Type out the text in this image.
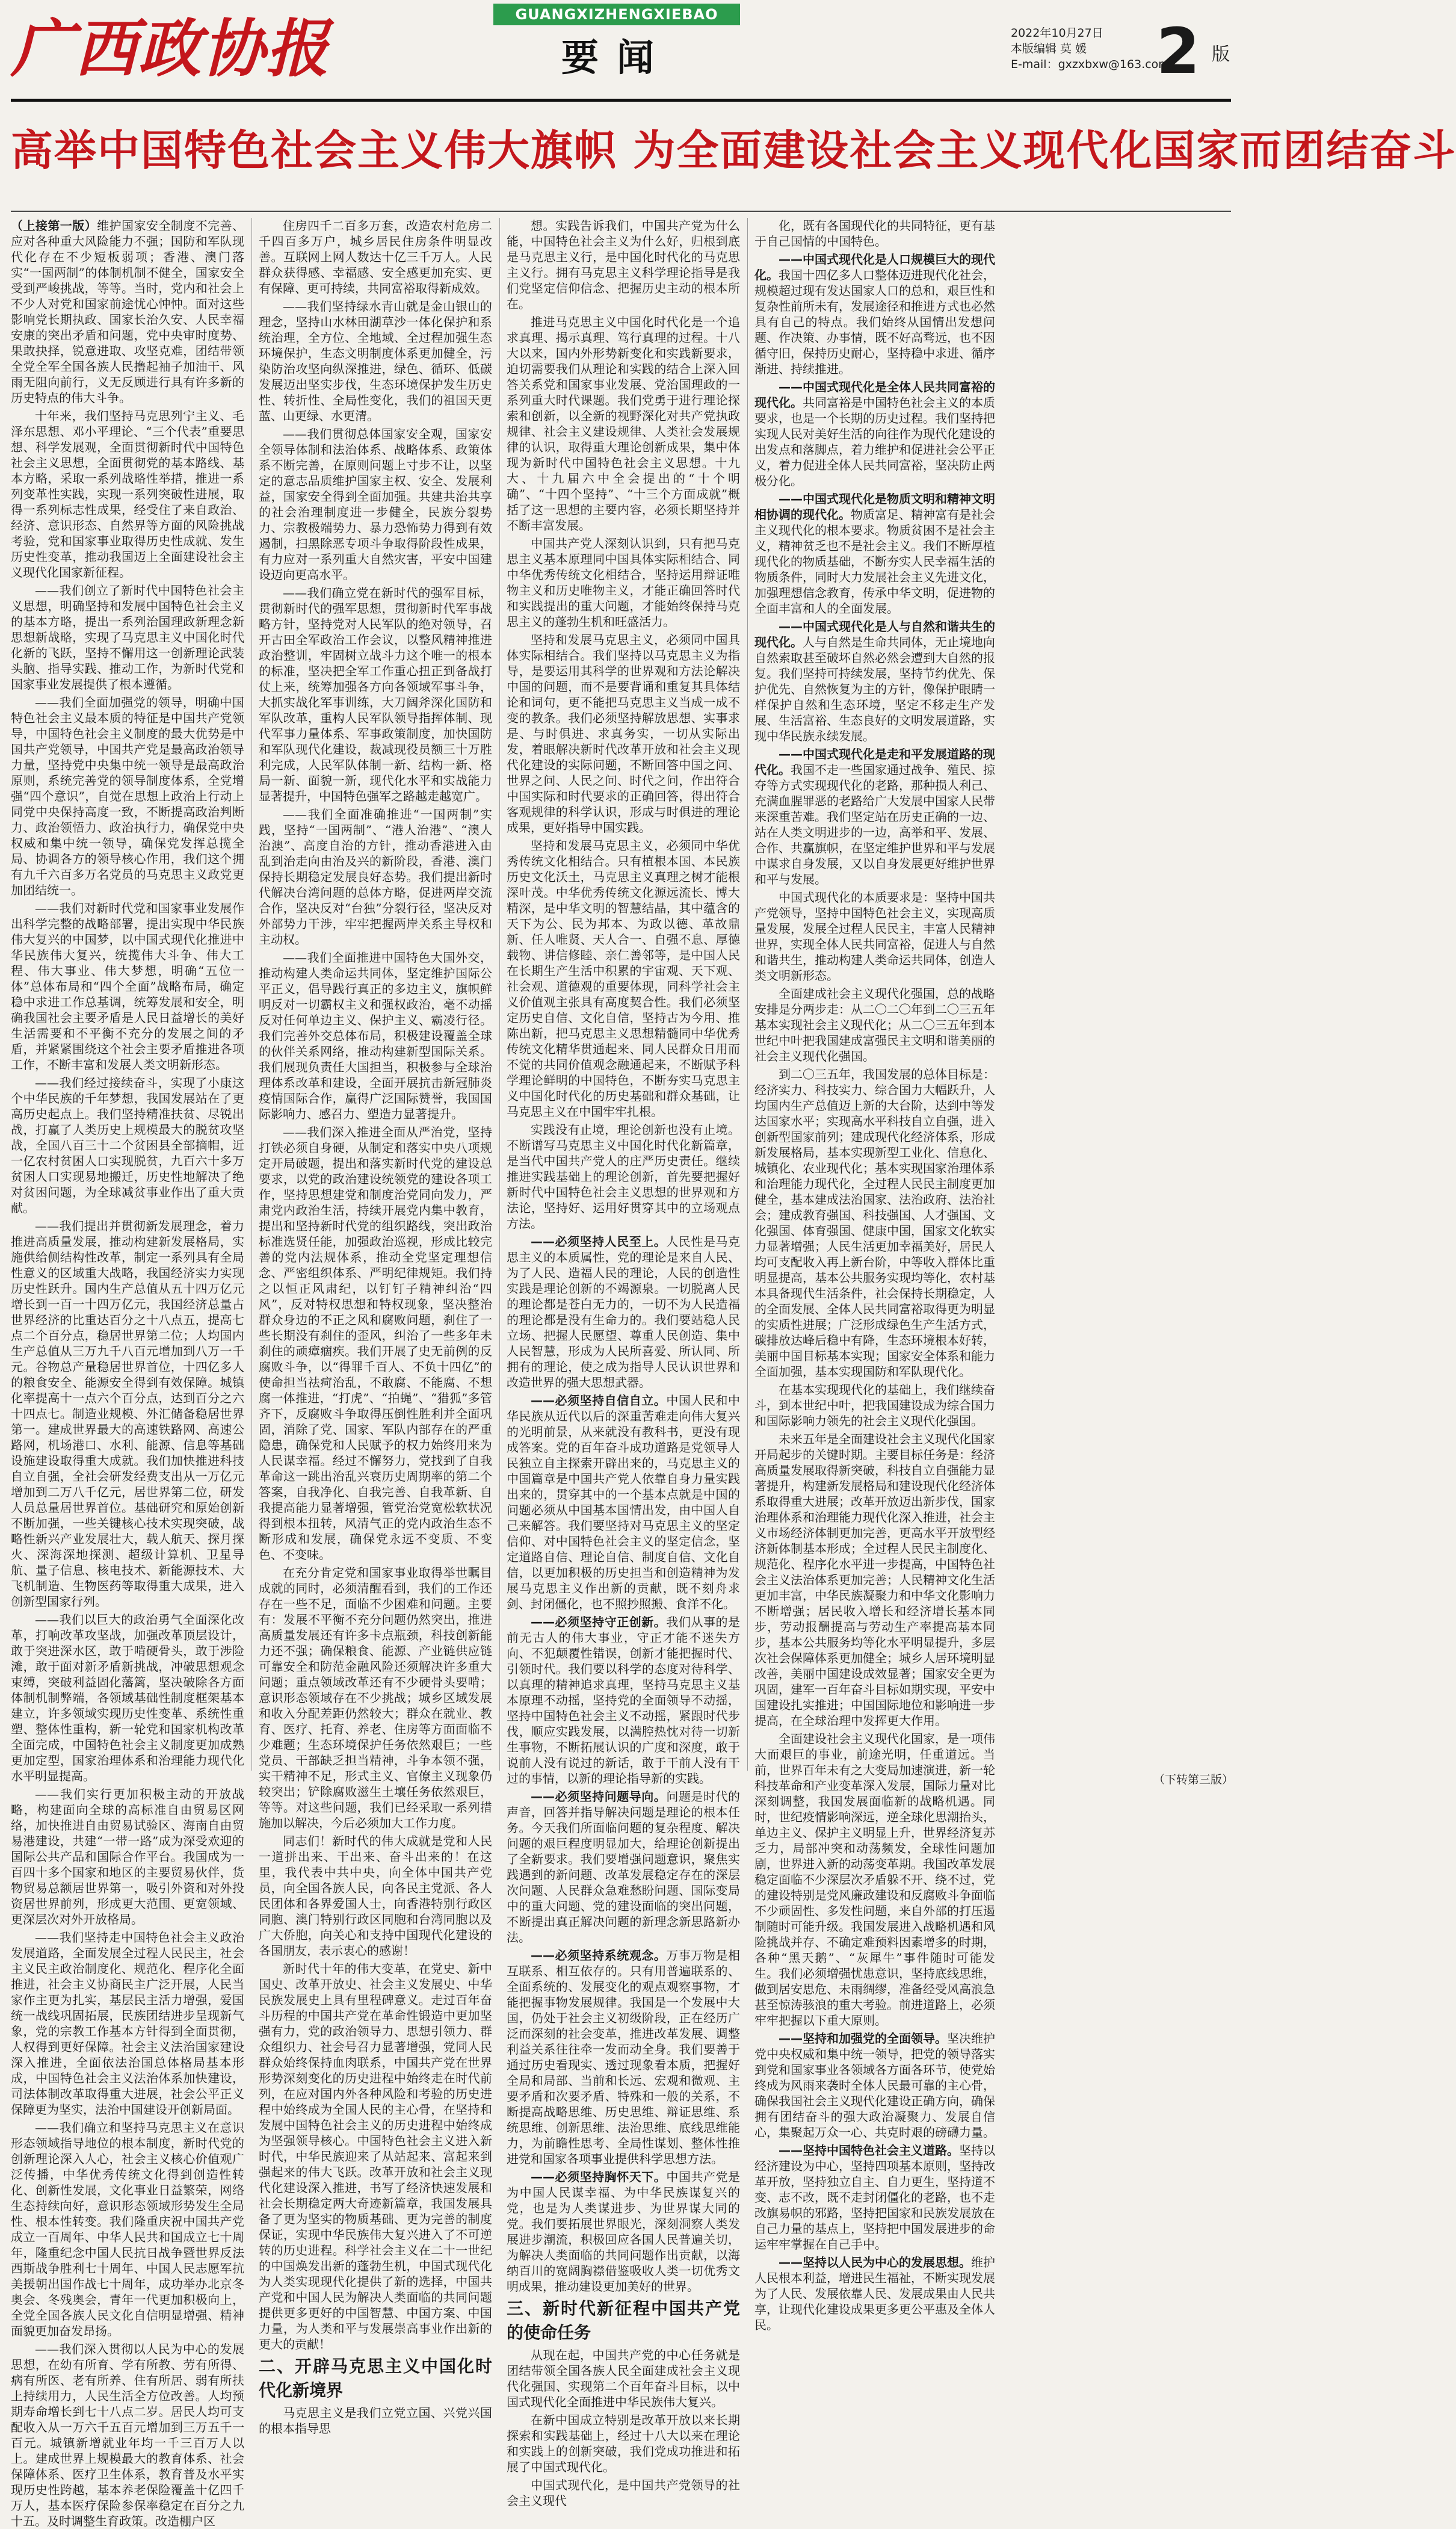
广西政协报	GUANGXIZHENGXIEBAO
要闻
2022年10月27日
本版编辑 莫 媛
E-mail：gxzxbxw@163.com
2 版
高举中国特色社会主义伟大旗帜 为全面建设社会主义现代化国家而团结奋斗

（上接第一版）维护国家安全制度不完善、应对各种重大风险能力不强；国防和军队现代化存在不少短板弱项；香港、澳门落实“一国两制”的体制机制不健全，国家安全受到严峻挑战，等等。当时，党内和社会上不少人对党和国家前途忧心忡忡。面对这些影响党长期执政、国家长治久安、人民幸福安康的突出矛盾和问题，党中央审时度势、果敢抉择，锐意进取、攻坚克难，团结带领全党全军全国各族人民撸起袖子加油干、风雨无阻向前行，义无反顾进行具有许多新的历史特点的伟大斗争。

十年来，我们坚持马克思列宁主义、毛泽东思想、邓小平理论、“三个代表”重要思想、科学发展观，全面贯彻新时代中国特色社会主义思想，全面贯彻党的基本路线、基本方略，采取一系列战略性举措，推进一系列变革性实践，实现一系列突破性进展，取得一系列标志性成果，经受住了来自政治、经济、意识形态、自然界等方面的风险挑战考验，党和国家事业取得历史性成就、发生历史性变革，推动我国迈上全面建设社会主义现代化国家新征程。

——我们创立了新时代中国特色社会主义思想，明确坚持和发展中国特色社会主义的基本方略，提出一系列治国理政新理念新思想新战略，实现了马克思主义中国化时代化新的飞跃，坚持不懈用这一创新理论武装头脑、指导实践、推动工作，为新时代党和国家事业发展提供了根本遵循。

——我们全面加强党的领导，明确中国特色社会主义最本质的特征是中国共产党领导，中国特色社会主义制度的最大优势是中国共产党领导，中国共产党是最高政治领导力量，坚持党中央集中统一领导是最高政治原则，系统完善党的领导制度体系，全党增强“四个意识”，自觉在思想上政治上行动上同党中央保持高度一致，不断提高政治判断力、政治领悟力、政治执行力，确保党中央权威和集中统一领导，确保党发挥总揽全局、协调各方的领导核心作用，我们这个拥有九千六百多万名党员的马克思主义政党更加团结统一。

——我们对新时代党和国家事业发展作出科学完整的战略部署，提出实现中华民族伟大复兴的中国梦，以中国式现代化推进中华民族伟大复兴，统揽伟大斗争、伟大工程、伟大事业、伟大梦想，明确“五位一体”总体布局和“四个全面”战略布局，确定稳中求进工作总基调，统筹发展和安全，明确我国社会主要矛盾是人民日益增长的美好生活需要和不平衡不充分的发展之间的矛盾，并紧紧围绕这个社会主要矛盾推进各项工作，不断丰富和发展人类文明新形态。

——我们经过接续奋斗，实现了小康这个中华民族的千年梦想，我国发展站在了更高历史起点上。我们坚持精准扶贫、尽锐出战，打赢了人类历史上规模最大的脱贫攻坚战，全国八百三十二个贫困县全部摘帽，近一亿农村贫困人口实现脱贫，九百六十多万贫困人口实现易地搬迁，历史性地解决了绝对贫困问题，为全球减贫事业作出了重大贡献。

——我们提出并贯彻新发展理念，着力推进高质量发展，推动构建新发展格局，实施供给侧结构性改革，制定一系列具有全局性意义的区域重大战略，我国经济实力实现历史性跃升。国内生产总值从五十四万亿元增长到一百一十四万亿元，我国经济总量占世界经济的比重达百分之十八点五，提高七点二个百分点，稳居世界第二位；人均国内生产总值从三万九千八百元增加到八万一千元。谷物总产量稳居世界首位，十四亿多人的粮食安全、能源安全得到有效保障。城镇化率提高十一点六个百分点，达到百分之六十四点七。制造业规模、外汇储备稳居世界第一。建成世界最大的高速铁路网、高速公路网，机场港口、水利、能源、信息等基础设施建设取得重大成就。我们加快推进科技自立自强，全社会研发经费支出从一万亿元增加到二万八千亿元，居世界第二位，研发人员总量居世界首位。基础研究和原始创新不断加强，一些关键核心技术实现突破，战略性新兴产业发展壮大，载人航天、探月探火、深海深地探测、超级计算机、卫星导航、量子信息、核电技术、新能源技术、大飞机制造、生物医药等取得重大成果，进入创新型国家行列。

——我们以巨大的政治勇气全面深化改革，打响改革攻坚战，加强改革顶层设计，敢于突进深水区，敢于啃硬骨头，敢于涉险滩，敢于面对新矛盾新挑战，冲破思想观念束缚，突破利益固化藩篱，坚决破除各方面体制机制弊端，各领域基础性制度框架基本建立，许多领域实现历史性变革、系统性重塑、整体性重构，新一轮党和国家机构改革全面完成，中国特色社会主义制度更加成熟更加定型，国家治理体系和治理能力现代化水平明显提高。

——我们实行更加积极主动的开放战略，构建面向全球的高标准自由贸易区网络，加快推进自由贸易试验区、海南自由贸易港建设，共建“一带一路”成为深受欢迎的国际公共产品和国际合作平台。我国成为一百四十多个国家和地区的主要贸易伙伴，货物贸易总额居世界第一，吸引外资和对外投资居世界前列，形成更大范围、更宽领域、更深层次对外开放格局。

——我们坚持走中国特色社会主义政治发展道路，全面发展全过程人民民主，社会主义民主政治制度化、规范化、程序化全面推进，社会主义协商民主广泛开展，人民当家作主更为扎实，基层民主活力增强，爱国统一战线巩固拓展，民族团结进步呈现新气象，党的宗教工作基本方针得到全面贯彻，人权得到更好保障。社会主义法治国家建设深入推进，全面依法治国总体格局基本形成，中国特色社会主义法治体系加快建设，司法体制改革取得重大进展，社会公平正义保障更为坚实，法治中国建设开创新局面。

——我们确立和坚持马克思主义在意识形态领域指导地位的根本制度，新时代党的创新理论深入人心，社会主义核心价值观广泛传播，中华优秀传统文化得到创造性转化、创新性发展，文化事业日益繁荣，网络生态持续向好，意识形态领域形势发生全局性、根本性转变。我们隆重庆祝中国共产党成立一百周年、中华人民共和国成立七十周年，隆重纪念中国人民抗日战争暨世界反法西斯战争胜利七十周年、中国人民志愿军抗美援朝出国作战七十周年，成功举办北京冬奥会、冬残奥会，青年一代更加积极向上，全党全国各族人民文化自信明显增强、精神面貌更加奋发昂扬。

——我们深入贯彻以人民为中心的发展思想，在幼有所育、学有所教、劳有所得、病有所医、老有所养、住有所居、弱有所扶上持续用力，人民生活全方位改善。人均预期寿命增长到七十八点二岁。居民人均可支配收入从一万六千五百元增加到三万五千一百元。城镇新增就业年均一千三百万人以上。建成世界上规模最大的教育体系、社会保障体系、医疗卫生体系，教育普及水平实现历史性跨越，基本养老保险覆盖十亿四千万人，基本医疗保险参保率稳定在百分之九十五。及时调整生育政策。改造棚户区

住房四千二百多万套，改造农村危房二千四百多万户，城乡居民住房条件明显改善。互联网上网人数达十亿三千万人。人民群众获得感、幸福感、安全感更加充实、更有保障、更可持续，共同富裕取得新成效。

——我们坚持绿水青山就是金山银山的理念，坚持山水林田湖草沙一体化保护和系统治理，全方位、全地域、全过程加强生态环境保护，生态文明制度体系更加健全，污染防治攻坚向纵深推进，绿色、循环、低碳发展迈出坚实步伐，生态环境保护发生历史性、转折性、全局性变化，我们的祖国天更蓝、山更绿、水更清。

——我们贯彻总体国家安全观，国家安全领导体制和法治体系、战略体系、政策体系不断完善，在原则问题上寸步不让，以坚定的意志品质维护国家主权、安全、发展利益，国家安全得到全面加强。共建共治共享的社会治理制度进一步健全，民族分裂势力、宗教极端势力、暴力恐怖势力得到有效遏制，扫黑除恶专项斗争取得阶段性成果，有力应对一系列重大自然灾害，平安中国建设迈向更高水平。

——我们确立党在新时代的强军目标，贯彻新时代的强军思想，贯彻新时代军事战略方针，坚持党对人民军队的绝对领导，召开古田全军政治工作会议，以整风精神推进政治整训，牢固树立战斗力这个唯一的根本的标准，坚决把全军工作重心扭正到备战打仗上来，统筹加强各方向各领域军事斗争，大抓实战化军事训练，大刀阔斧深化国防和军队改革，重构人民军队领导指挥体制、现代军事力量体系、军事政策制度，加快国防和军队现代化建设，裁减现役员额三十万胜利完成，人民军队体制一新、结构一新、格局一新、面貌一新，现代化水平和实战能力显著提升，中国特色强军之路越走越宽广。

——我们全面准确推进“一国两制”实践，坚持“一国两制”、“港人治港”、“澳人治澳”、高度自治的方针，推动香港进入由乱到治走向由治及兴的新阶段，香港、澳门保持长期稳定发展良好态势。我们提出新时代解决台湾问题的总体方略，促进两岸交流合作，坚决反对“台独”分裂行径，坚决反对外部势力干涉，牢牢把握两岸关系主导权和主动权。

——我们全面推进中国特色大国外交，推动构建人类命运共同体，坚定维护国际公平正义，倡导践行真正的多边主义，旗帜鲜明反对一切霸权主义和强权政治，毫不动摇反对任何单边主义、保护主义、霸凌行径。我们完善外交总体布局，积极建设覆盖全球的伙伴关系网络，推动构建新型国际关系。我们展现负责任大国担当，积极参与全球治理体系改革和建设，全面开展抗击新冠肺炎疫情国际合作，赢得广泛国际赞誉，我国国际影响力、感召力、塑造力显著提升。

——我们深入推进全面从严治党，坚持打铁必须自身硬，从制定和落实中央八项规定开局破题，提出和落实新时代党的建设总要求，以党的政治建设统领党的建设各项工作，坚持思想建党和制度治党同向发力，严肃党内政治生活，持续开展党内集中教育，提出和坚持新时代党的组织路线，突出政治标准选贤任能，加强政治巡视，形成比较完善的党内法规体系，推动全党坚定理想信念、严密组织体系、严明纪律规矩。我们持之以恒正风肃纪，以钉钉子精神纠治“四风”，反对特权思想和特权现象，坚决整治群众身边的不正之风和腐败问题，刹住了一些长期没有刹住的歪风，纠治了一些多年未刹住的顽瘴痼疾。我们开展了史无前例的反腐败斗争，以“得罪千百人、不负十四亿”的使命担当祛疴治乱，不敢腐、不能腐、不想腐一体推进，“打虎”、“拍蝇”、“猎狐”多管齐下，反腐败斗争取得压倒性胜利并全面巩固，消除了党、国家、军队内部存在的严重隐患，确保党和人民赋予的权力始终用来为人民谋幸福。经过不懈努力，党找到了自我革命这一跳出治乱兴衰历史周期率的第二个答案，自我净化、自我完善、自我革新、自我提高能力显著增强，管党治党宽松软状况得到根本扭转，风清气正的党内政治生态不断形成和发展，确保党永远不变质、不变色、不变味。

在充分肯定党和国家事业取得举世瞩目成就的同时，必须清醒看到，我们的工作还存在一些不足，面临不少困难和问题。主要有：发展不平衡不充分问题仍然突出，推进高质量发展还有许多卡点瓶颈，科技创新能力还不强；确保粮食、能源、产业链供应链可靠安全和防范金融风险还须解决许多重大问题；重点领域改革还有不少硬骨头要啃；意识形态领域存在不少挑战；城乡区域发展和收入分配差距仍然较大；群众在就业、教育、医疗、托育、养老、住房等方面面临不少难题；生态环境保护任务依然艰巨；一些党员、干部缺乏担当精神，斗争本领不强，实干精神不足，形式主义、官僚主义现象仍较突出；铲除腐败滋生土壤任务依然艰巨，等等。对这些问题，我们已经采取一系列措施加以解决，今后必须加大工作力度。

同志们！新时代的伟大成就是党和人民一道拼出来、干出来、奋斗出来的！在这里，我代表中共中央，向全体中国共产党员，向全国各族人民，向各民主党派、各人民团体和各界爱国人士，向香港特别行政区同胞、澳门特别行政区同胞和台湾同胞以及广大侨胞，向关心和支持中国现代化建设的各国朋友，表示衷心的感谢！

新时代十年的伟大变革，在党史、新中国史、改革开放史、社会主义发展史、中华民族发展史上具有里程碑意义。走过百年奋斗历程的中国共产党在革命性锻造中更加坚强有力，党的政治领导力、思想引领力、群众组织力、社会号召力显著增强，党同人民群众始终保持血肉联系，中国共产党在世界形势深刻变化的历史进程中始终走在时代前列，在应对国内外各种风险和考验的历史进程中始终成为全国人民的主心骨，在坚持和发展中国特色社会主义的历史进程中始终成为坚强领导核心。中国特色社会主义进入新时代，中华民族迎来了从站起来、富起来到强起来的伟大飞跃。改革开放和社会主义现代化建设深入推进，书写了经济快速发展和社会长期稳定两大奇迹新篇章，我国发展具备了更为坚实的物质基础、更为完善的制度保证，实现中华民族伟大复兴进入了不可逆转的历史进程。科学社会主义在二十一世纪的中国焕发出新的蓬勃生机，中国式现代化为人类实现现代化提供了新的选择，中国共产党和中国人民为解决人类面临的共同问题提供更多更好的中国智慧、中国方案、中国力量，为人类和平与发展崇高事业作出新的更大的贡献！

二、开辟马克思主义中国化时代化新境界

马克思主义是我们立党立国、兴党兴国的根本指导思

想。实践告诉我们，中国共产党为什么能，中国特色社会主义为什么好，归根到底是马克思主义行，是中国化时代化的马克思主义行。拥有马克思主义科学理论指导是我们党坚定信仰信念、把握历史主动的根本所在。

推进马克思主义中国化时代化是一个追求真理、揭示真理、笃行真理的过程。十八大以来，国内外形势新变化和实践新要求，迫切需要我们从理论和实践的结合上深入回答关系党和国家事业发展、党治国理政的一系列重大时代课题。我们党勇于进行理论探索和创新，以全新的视野深化对共产党执政规律、社会主义建设规律、人类社会发展规律的认识，取得重大理论创新成果，集中体现为新时代中国特色社会主义思想。十九大、十九届六中全会提出的“十个明确”、“十四个坚持”、“十三个方面成就”概括了这一思想的主要内容，必须长期坚持并不断丰富发展。

中国共产党人深刻认识到，只有把马克思主义基本原理同中国具体实际相结合、同中华优秀传统文化相结合，坚持运用辩证唯物主义和历史唯物主义，才能正确回答时代和实践提出的重大问题，才能始终保持马克思主义的蓬勃生机和旺盛活力。

坚持和发展马克思主义，必须同中国具体实际相结合。我们坚持以马克思主义为指导，是要运用其科学的世界观和方法论解决中国的问题，而不是要背诵和重复其具体结论和词句，更不能把马克思主义当成一成不变的教条。我们必须坚持解放思想、实事求是、与时俱进、求真务实，一切从实际出发，着眼解决新时代改革开放和社会主义现代化建设的实际问题，不断回答中国之问、世界之问、人民之问、时代之问，作出符合中国实际和时代要求的正确回答，得出符合客观规律的科学认识，形成与时俱进的理论成果，更好指导中国实践。

坚持和发展马克思主义，必须同中华优秀传统文化相结合。只有植根本国、本民族历史文化沃土，马克思主义真理之树才能根深叶茂。中华优秀传统文化源远流长、博大精深，是中华文明的智慧结晶，其中蕴含的天下为公、民为邦本、为政以德、革故鼎新、任人唯贤、天人合一、自强不息、厚德载物、讲信修睦、亲仁善邻等，是中国人民在长期生产生活中积累的宇宙观、天下观、社会观、道德观的重要体现，同科学社会主义价值观主张具有高度契合性。我们必须坚定历史自信、文化自信，坚持古为今用、推陈出新，把马克思主义思想精髓同中华优秀传统文化精华贯通起来、同人民群众日用而不觉的共同价值观念融通起来，不断赋予科学理论鲜明的中国特色，不断夯实马克思主义中国化时代化的历史基础和群众基础，让马克思主义在中国牢牢扎根。

实践没有止境，理论创新也没有止境。不断谱写马克思主义中国化时代化新篇章，是当代中国共产党人的庄严历史责任。继续推进实践基础上的理论创新，首先要把握好新时代中国特色社会主义思想的世界观和方法论，坚持好、运用好贯穿其中的立场观点方法。

——必须坚持人民至上。人民性是马克思主义的本质属性，党的理论是来自人民、为了人民、造福人民的理论，人民的创造性实践是理论创新的不竭源泉。一切脱离人民的理论都是苍白无力的，一切不为人民造福的理论都是没有生命力的。我们要站稳人民立场、把握人民愿望、尊重人民创造、集中人民智慧，形成为人民所喜爱、所认同、所拥有的理论，使之成为指导人民认识世界和改造世界的强大思想武器。

——必须坚持自信自立。中国人民和中华民族从近代以后的深重苦难走向伟大复兴的光明前景，从来就没有教科书，更没有现成答案。党的百年奋斗成功道路是党领导人民独立自主探索开辟出来的，马克思主义的中国篇章是中国共产党人依靠自身力量实践出来的，贯穿其中的一个基本点就是中国的问题必须从中国基本国情出发，由中国人自己来解答。我们要坚持对马克思主义的坚定信仰、对中国特色社会主义的坚定信念，坚定道路自信、理论自信、制度自信、文化自信，以更加积极的历史担当和创造精神为发展马克思主义作出新的贡献，既不刻舟求剑、封闭僵化，也不照抄照搬、食洋不化。

——必须坚持守正创新。我们从事的是前无古人的伟大事业，守正才能不迷失方向、不犯颠覆性错误，创新才能把握时代、引领时代。我们要以科学的态度对待科学、以真理的精神追求真理，坚持马克思主义基本原理不动摇，坚持党的全面领导不动摇，坚持中国特色社会主义不动摇，紧跟时代步伐，顺应实践发展，以满腔热忱对待一切新生事物，不断拓展认识的广度和深度，敢于说前人没有说过的新话，敢于干前人没有干过的事情，以新的理论指导新的实践。

——必须坚持问题导向。问题是时代的声音，回答并指导解决问题是理论的根本任务。今天我们所面临问题的复杂程度、解决问题的艰巨程度明显加大，给理论创新提出了全新要求。我们要增强问题意识，聚焦实践遇到的新问题、改革发展稳定存在的深层次问题、人民群众急难愁盼问题、国际变局中的重大问题、党的建设面临的突出问题，不断提出真正解决问题的新理念新思路新办法。

——必须坚持系统观念。万事万物是相互联系、相互依存的。只有用普遍联系的、全面系统的、发展变化的观点观察事物，才能把握事物发展规律。我国是一个发展中大国，仍处于社会主义初级阶段，正在经历广泛而深刻的社会变革，推进改革发展、调整利益关系往往牵一发而动全身。我们要善于通过历史看现实、透过现象看本质，把握好全局和局部、当前和长远、宏观和微观、主要矛盾和次要矛盾、特殊和一般的关系，不断提高战略思维、历史思维、辩证思维、系统思维、创新思维、法治思维、底线思维能力，为前瞻性思考、全局性谋划、整体性推进党和国家各项事业提供科学思想方法。

——必须坚持胸怀天下。中国共产党是为中国人民谋幸福、为中华民族谋复兴的党，也是为人类谋进步、为世界谋大同的党。我们要拓展世界眼光，深刻洞察人类发展进步潮流，积极回应各国人民普遍关切，为解决人类面临的共同问题作出贡献，以海纳百川的宽阔胸襟借鉴吸收人类一切优秀文明成果，推动建设更加美好的世界。

三、新时代新征程中国共产党的使命任务

从现在起，中国共产党的中心任务就是团结带领全国各族人民全面建成社会主义现代化强国、实现第二个百年奋斗目标，以中国式现代化全面推进中华民族伟大复兴。

在新中国成立特别是改革开放以来长期探索和实践基础上，经过十八大以来在理论和实践上的创新突破，我们党成功推进和拓展了中国式现代化。

中国式现代化，是中国共产党领导的社会主义现代

化，既有各国现代化的共同特征，更有基于自己国情的中国特色。

——中国式现代化是人口规模巨大的现代化。我国十四亿多人口整体迈进现代化社会，规模超过现有发达国家人口的总和，艰巨性和复杂性前所未有，发展途径和推进方式也必然具有自己的特点。我们始终从国情出发想问题、作决策、办事情，既不好高骛远，也不因循守旧，保持历史耐心，坚持稳中求进、循序渐进、持续推进。

——中国式现代化是全体人民共同富裕的现代化。共同富裕是中国特色社会主义的本质要求，也是一个长期的历史过程。我们坚持把实现人民对美好生活的向往作为现代化建设的出发点和落脚点，着力维护和促进社会公平正义，着力促进全体人民共同富裕，坚决防止两极分化。

——中国式现代化是物质文明和精神文明相协调的现代化。物质富足、精神富有是社会主义现代化的根本要求。物质贫困不是社会主义，精神贫乏也不是社会主义。我们不断厚植现代化的物质基础，不断夯实人民幸福生活的物质条件，同时大力发展社会主义先进文化，加强理想信念教育，传承中华文明，促进物的全面丰富和人的全面发展。

——中国式现代化是人与自然和谐共生的现代化。人与自然是生命共同体，无止境地向自然索取甚至破坏自然必然会遭到大自然的报复。我们坚持可持续发展，坚持节约优先、保护优先、自然恢复为主的方针，像保护眼睛一样保护自然和生态环境，坚定不移走生产发展、生活富裕、生态良好的文明发展道路，实现中华民族永续发展。

——中国式现代化是走和平发展道路的现代化。我国不走一些国家通过战争、殖民、掠夺等方式实现现代化的老路，那种损人利己、充满血腥罪恶的老路给广大发展中国家人民带来深重苦难。我们坚定站在历史正确的一边、站在人类文明进步的一边，高举和平、发展、合作、共赢旗帜，在坚定维护世界和平与发展中谋求自身发展，又以自身发展更好维护世界和平与发展。

中国式现代化的本质要求是：坚持中国共产党领导，坚持中国特色社会主义，实现高质量发展，发展全过程人民民主，丰富人民精神世界，实现全体人民共同富裕，促进人与自然和谐共生，推动构建人类命运共同体，创造人类文明新形态。

全面建成社会主义现代化强国，总的战略安排是分两步走：从二〇二〇年到二〇三五年基本实现社会主义现代化；从二〇三五年到本世纪中叶把我国建成富强民主文明和谐美丽的社会主义现代化强国。

到二〇三五年，我国发展的总体目标是：经济实力、科技实力、综合国力大幅跃升，人均国内生产总值迈上新的大台阶，达到中等发达国家水平；实现高水平科技自立自强，进入创新型国家前列；建成现代化经济体系，形成新发展格局，基本实现新型工业化、信息化、城镇化、农业现代化；基本实现国家治理体系和治理能力现代化，全过程人民民主制度更加健全，基本建成法治国家、法治政府、法治社会；建成教育强国、科技强国、人才强国、文化强国、体育强国、健康中国，国家文化软实力显著增强；人民生活更加幸福美好，居民人均可支配收入再上新台阶，中等收入群体比重明显提高，基本公共服务实现均等化，农村基本具备现代生活条件，社会保持长期稳定，人的全面发展、全体人民共同富裕取得更为明显的实质性进展；广泛形成绿色生产生活方式，碳排放达峰后稳中有降，生态环境根本好转，美丽中国目标基本实现；国家安全体系和能力全面加强，基本实现国防和军队现代化。

在基本实现现代化的基础上，我们继续奋斗，到本世纪中叶，把我国建设成为综合国力和国际影响力领先的社会主义现代化强国。

未来五年是全面建设社会主义现代化国家开局起步的关键时期。主要目标任务是：经济高质量发展取得新突破，科技自立自强能力显著提升，构建新发展格局和建设现代化经济体系取得重大进展；改革开放迈出新步伐，国家治理体系和治理能力现代化深入推进，社会主义市场经济体制更加完善，更高水平开放型经济新体制基本形成；全过程人民民主制度化、规范化、程序化水平进一步提高，中国特色社会主义法治体系更加完善；人民精神文化生活更加丰富，中华民族凝聚力和中华文化影响力不断增强；居民收入增长和经济增长基本同步，劳动报酬提高与劳动生产率提高基本同步，基本公共服务均等化水平明显提升，多层次社会保障体系更加健全；城乡人居环境明显改善，美丽中国建设成效显著；国家安全更为巩固，建军一百年奋斗目标如期实现，平安中国建设扎实推进；中国国际地位和影响进一步提高，在全球治理中发挥更大作用。

全面建设社会主义现代化国家，是一项伟大而艰巨的事业，前途光明，任重道远。当前，世界百年未有之大变局加速演进，新一轮科技革命和产业变革深入发展，国际力量对比深刻调整，我国发展面临新的战略机遇。同时，世纪疫情影响深远，逆全球化思潮抬头，单边主义、保护主义明显上升，世界经济复苏乏力，局部冲突和动荡频发，全球性问题加剧，世界进入新的动荡变革期。我国改革发展稳定面临不少深层次矛盾躲不开、绕不过，党的建设特别是党风廉政建设和反腐败斗争面临不少顽固性、多发性问题，来自外部的打压遏制随时可能升级。我国发展进入战略机遇和风险挑战并存、不确定难预料因素增多的时期，各种“黑天鹅”、“灰犀牛”事件随时可能发生。我们必须增强忧患意识，坚持底线思维，做到居安思危、未雨绸缪，准备经受风高浪急甚至惊涛骇浪的重大考验。前进道路上，必须牢牢把握以下重大原则。

——坚持和加强党的全面领导。坚决维护党中央权威和集中统一领导，把党的领导落实到党和国家事业各领域各方面各环节，使党始终成为风雨来袭时全体人民最可靠的主心骨，确保我国社会主义现代化建设正确方向，确保拥有团结奋斗的强大政治凝聚力、发展自信心，集聚起万众一心、共克时艰的磅礴力量。

——坚持中国特色社会主义道路。坚持以经济建设为中心，坚持四项基本原则，坚持改革开放，坚持独立自主、自力更生，坚持道不变、志不改，既不走封闭僵化的老路，也不走改旗易帜的邪路，坚持把国家和民族发展放在自己力量的基点上，坚持把中国发展进步的命运牢牢掌握在自己手中。

——坚持以人民为中心的发展思想。维护人民根本利益，增进民生福祉，不断实现发展为了人民、发展依靠人民、发展成果由人民共享，让现代化建设成果更多更公平惠及全体人民。

（下转第三版）
